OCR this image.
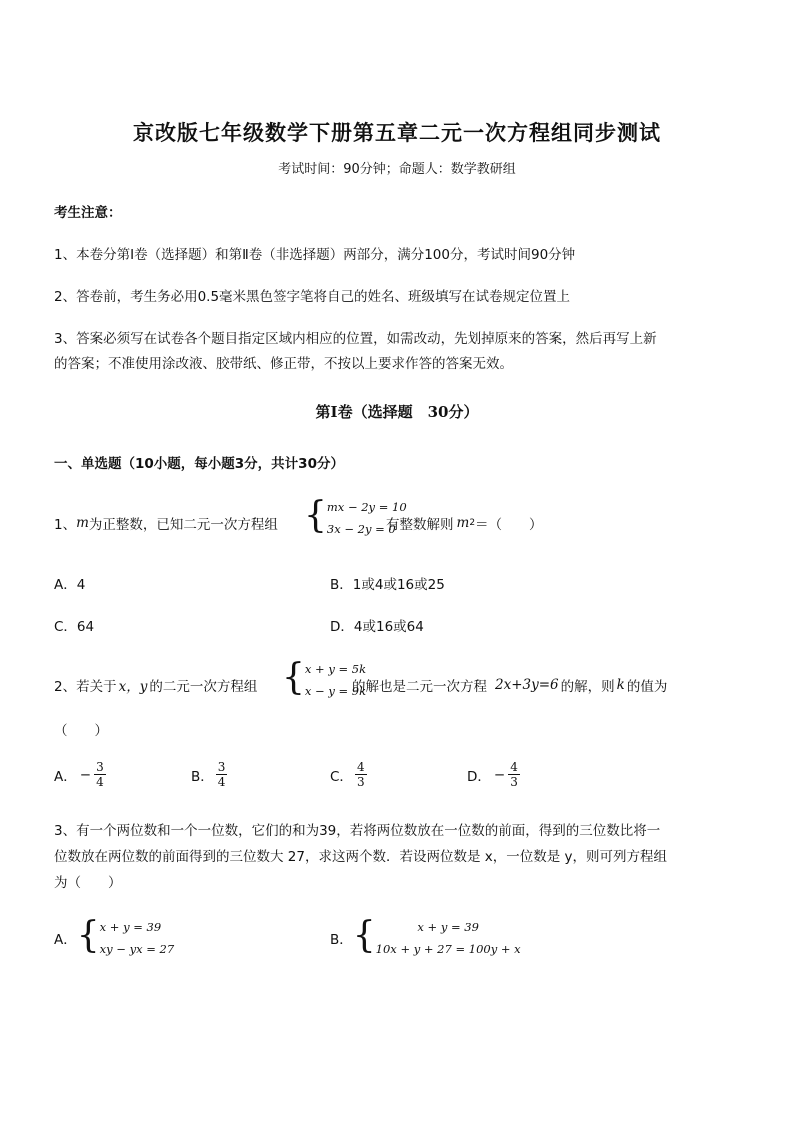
京改版七年级数学下册第五章二元一次方程组同步测试
考试时间：90分钟；命题人：数学教研组
考生注意：
1、本卷分第Ⅰ卷（选择题）和第Ⅱ卷（非选择题）两部分，满分100分，考试时间90分钟
2、答卷前，考生务必用0.5毫米黑色签字笔将自己的姓名、班级填写在试卷规定位置上
3、答案必须写在试卷各个题目指定区域内相应的位置，如需改动，先划掉原来的答案，然后再写上新
的答案；不准使用涂改液、胶带纸、修正带，不按以上要求作答的答案无效。
第Ⅰ卷（选择题　30分）
一、单选题（10小题，每小题3分，共计30分）
1、 m 为正整数，已知二元一次方程组 { mx − 2y = 10
3x − 2y = 0
有整数解则 m 2 ＝（　　）
A．4	B．1或4或16或25
C．64	D．4或16或64
2、若关于 x，y 的二元一次方程组 { x + y = 5k
x − y = 9k
的解也是二元一次方程 2x+3y=6 的解，则 k 的值为
（　　）
A． − $\frac{3}{4}$	B． $\frac{3}{4}$	C． $\frac{4}{3}$	D． − $\frac{4}{3}$
3、有一个两位数和一个一位数，它们的和为39，若将两位数放在一位数的前面，得到的三位数比将一
位数放在两位数的前面得到的三位数大 27，求这两个数．若设两位数是 x，一位数是 y，则可列方程组
为（　　）
A． { x + y = 39
xy − yx = 27
B． {	x + y = 39
10x + y + 27 = 100y + x
